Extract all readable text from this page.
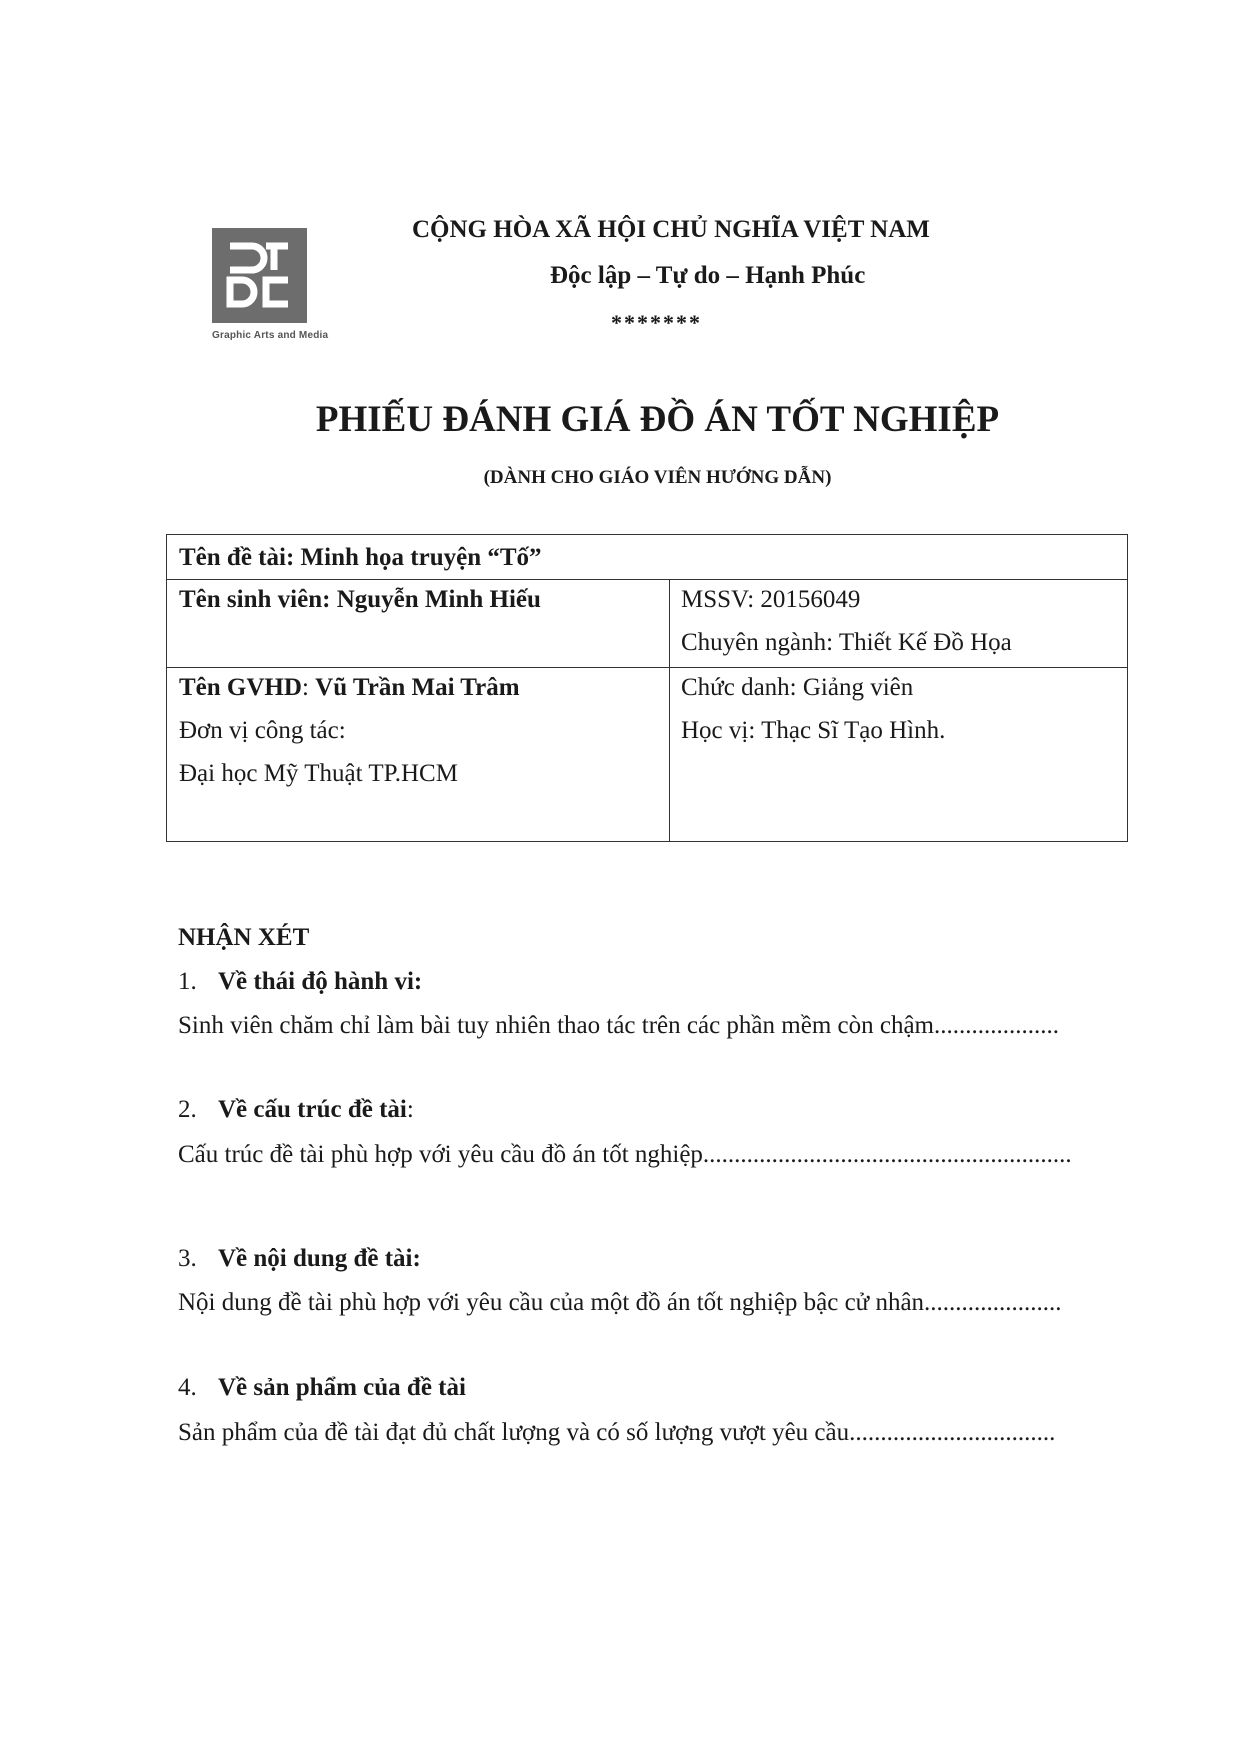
Graphic Arts and Media
CỘNG HÒA XÃ HỘI CHỦ NGHĨA VIỆT NAM
Độc lập – Tự do – Hạnh Phúc
*******
PHIẾU ĐÁNH GIÁ ĐỒ ÁN TỐT NGHIỆP
(DÀNH CHO GIÁO VIÊN HƯỚNG DẪN)
Tên đề tài: Minh họa truyện “Tố”
Tên sinh viên: Nguyễn Minh Hiếu	MSSV: 20156049
Chuyên ngành: Thiết Kế Đồ Họa
Tên GVHD: Vũ Trần Mai Trâm
Đơn vị công tác:
Đại học Mỹ Thuật TP.HCM
Chức danh: Giảng viên
Học vị: Thạc Sĩ Tạo Hình.
NHẬN XÉT
1. Về thái độ hành vi:
Sinh viên chăm chỉ làm bài tuy nhiên thao tác trên các phần mềm còn chậm....................
2. Về cấu trúc đề tài:
Cấu trúc đề tài phù hợp với yêu cầu đồ án tốt nghiệp...........................................................
3. Về nội dung đề tài:
Nội dung đề tài phù hợp với yêu cầu của một đồ án tốt nghiệp bậc cử nhân......................
4. Về sản phẩm của đề tài
Sản phẩm của đề tài đạt đủ chất lượng và có số lượng vượt yêu cầu.................................
